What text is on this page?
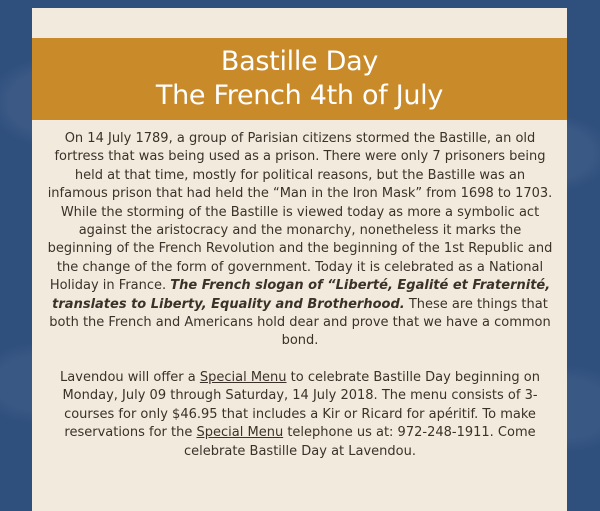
Bastille Day
The French 4th of July

On 14 July 1789, a group of Parisian citizens stormed the Bastille, an old fortress that was being used as a prison. There were only 7 prisoners being held at that time, mostly for political reasons, but the Bastille was an infamous prison that had held the “Man in the Iron Mask” from 1698 to 1703. While the storming of the Bastille is viewed today as more a symbolic act against the aristocracy and the monarchy, nonetheless it marks the beginning of the French Revolution and the beginning of the 1st Republic and the change of the form of government. Today it is celebrated as a National Holiday in France. The French slogan of “Liberté, Egalité et Fraternité, translates to Liberty, Equality and Brotherhood. These are things that both the French and Americans hold dear and prove that we have a common bond.

Lavendou will offer a Special Menu to celebrate Bastille Day beginning on Monday, July 09 through Saturday, 14 July 2018. The menu consists of 3-courses for only $46.95 that includes a Kir or Ricard for apéritif. To make reservations for the Special Menu telephone us at: 972-248-1911. Come celebrate Bastille Day at Lavendou.
